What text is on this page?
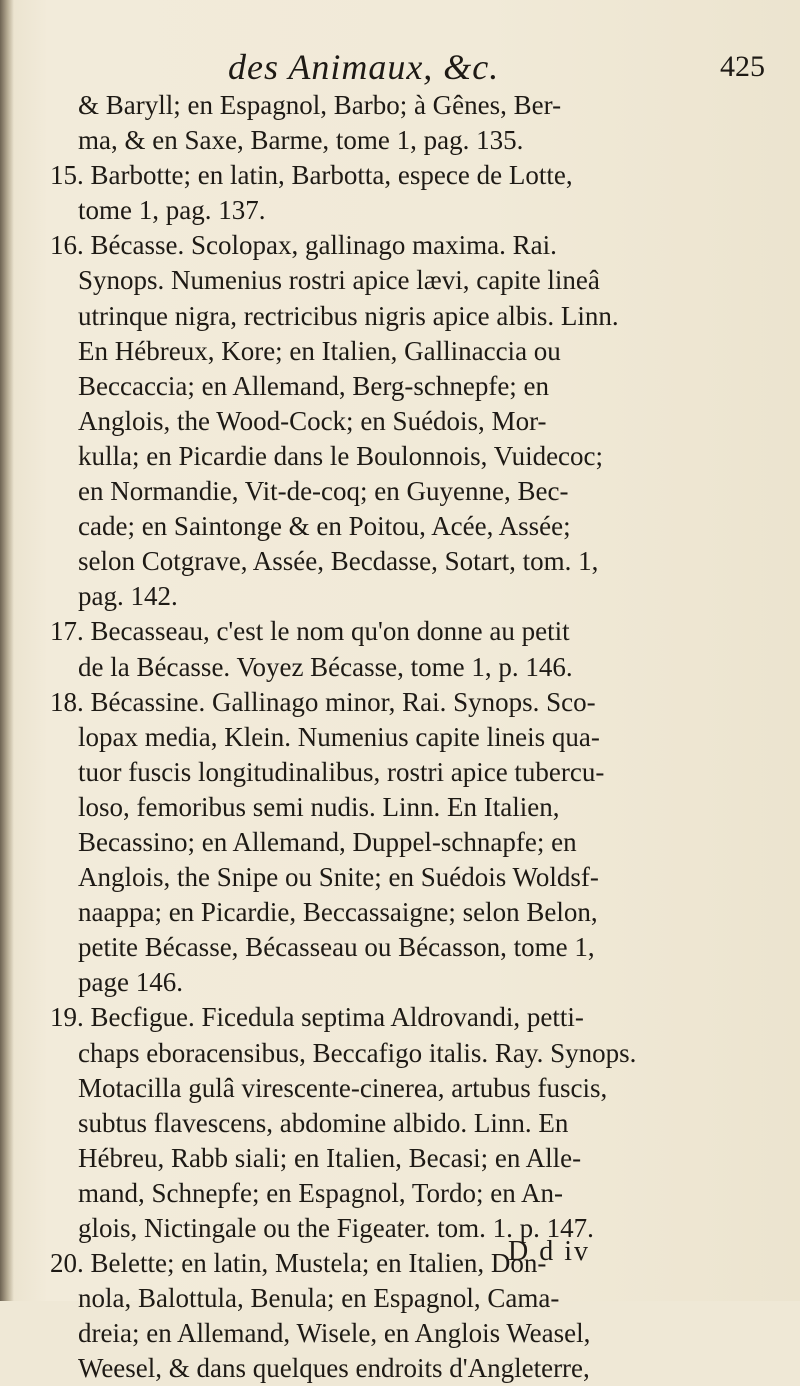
des Animaux, &c.	425
& Baryll; en Espagnol, Barbo; à Gênes, Ber-
ma, & en Saxe, Barme, tome 1, pag. 135.
15. Barbotte; en latin, Barbotta, espece de Lotte,
tome 1, pag. 137.
16. Bécasse. Scolopax, gallinago maxima. Rai.
Synops. Numenius rostri apice lævi, capite lineâ
utrinque nigra, rectricibus nigris apice albis. Linn.
En Hébreux, Kore; en Italien, Gallinaccia ou
Beccaccia; en Allemand, Berg-schnepfe; en
Anglois, the Wood-Cock; en Suédois, Mor-
kulla; en Picardie dans le Boulonnois, Vuidecoc;
en Normandie, Vit-de-coq; en Guyenne, Bec-
cade; en Saintonge & en Poitou, Acée, Assée;
selon Cotgrave, Assée, Becdasse, Sotart, tom. 1,
pag. 142.
17. Becasseau, c'est le nom qu'on donne au petit
de la Bécasse. Voyez Bécasse, tome 1, p. 146.
18. Bécassine. Gallinago minor, Rai. Synops. Sco-
lopax media, Klein. Numenius capite lineis qua-
tuor fuscis longitudinalibus, rostri apice tubercu-
loso, femoribus semi nudis. Linn. En Italien,
Becassino; en Allemand, Duppel-schnapfe; en
Anglois, the Snipe ou Snite; en Suédois Woldsf-
naappa; en Picardie, Beccassaigne; selon Belon,
petite Bécasse, Bécasseau ou Bécasson, tome 1,
page 146.
19. Becfigue. Ficedula septima Aldrovandi, petti-
chaps eboracensibus, Beccafigo italis. Ray. Synops.
Motacilla gulâ virescente-cinerea, artubus fuscis,
subtus flavescens, abdomine albido. Linn. En
Hébreu, Rabb siali; en Italien, Becasi; en Alle-
mand, Schnepfe; en Espagnol, Tordo; en An-
glois, Nictingale ou the Figeater. tom. 1. p. 147.
20. Belette; en latin, Mustela; en Italien, Don-
nola, Balottula, Benula; en Espagnol, Cama-
dreia; en Allemand, Wisele, en Anglois Weasel,
Weesel, & dans quelques endroits d'Angleterre,
D d iv
